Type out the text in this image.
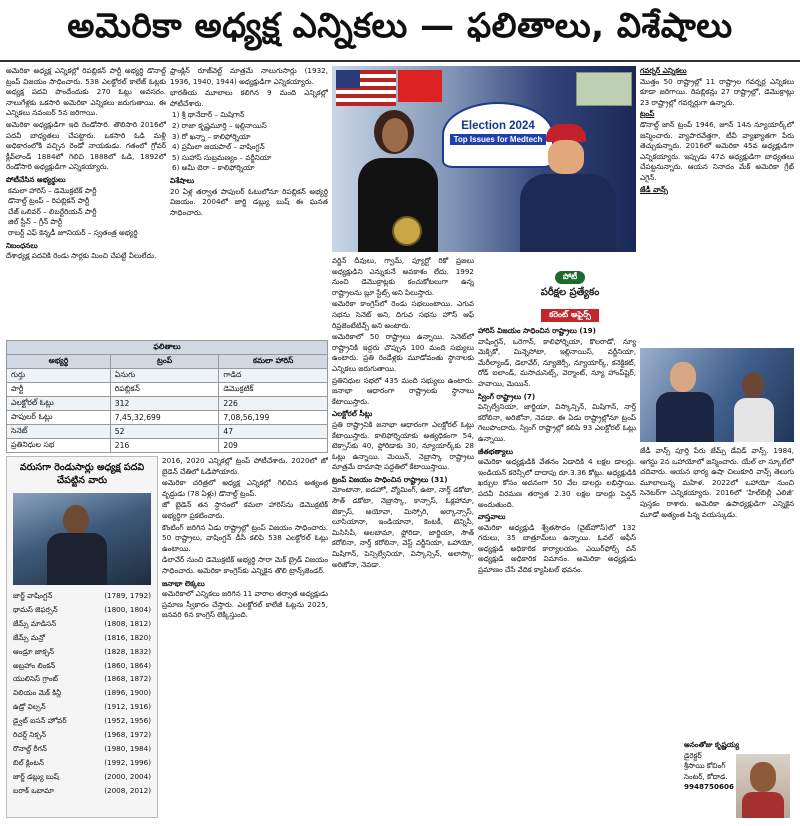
అమెరికా అధ్యక్ష ఎన్నికలు — ఫలితాలు, విశేషాలు
అమెరికా అధ్యక్ష ఎన్నికల్లో రిపబ్లికన్ పార్టీ అభ్యర్థి డొనాల్డ్ ట్రంప్ విజయం సాధించారు. 538 ఎలక్టోరల్ కాలేజ్ ఓట్లకు అధ్యక్ష పదవి పొందేందుకు 270 ఓట్లు అవసరం. నాలుగేళ్లకు ఒకసారి అమెరికా ఎన్నికలు జరుగుతాయి. ఈ ఎన్నికలు నవంబర్ 5న జరిగాయి.
అమెరికా అధ్యక్షుడిగా ఇది రెండోసారి. తొలిసారి 2016లో పదవీ బాధ్యతలు చేపట్టారు. ఒకసారి ఓడి మళ్లీ అధికారంలోకి వచ్చిన రెండో నాయకుడు. గతంలో గ్రోవర్ క్లీవ్‌లాండ్ 1884లో గెలిచి 1888లో ఓడి, 1892లో రెండోసారి అధ్యక్షుడిగా ఎన్నికయ్యారు.
పోటీచేసిన అభ్యర్థులు
కమలా హారిస్ – డెమొక్రటిక్ పార్టీ
డొనాల్డ్ ట్రంప్ – రిపబ్లికన్ పార్టీ
చేజ్ ఒలివర్ – లిబర్టేరియన్ పార్టీ
జిల్ స్టీన్ – గ్రీన్ పార్టీ
రాబర్ట్ ఎఫ్ కెన్నడీ జూనియర్ – స్వతంత్ర అభ్యర్థి
నిబంధనలు
దేశాధ్యక్ష పదవికి రెండు సార్లకు మించి చేపట్టే వీలులేదు.
ఫ్రాంక్లిన్ రూజ్‌వెల్ట్ మాత్రమే నాలుగుసార్లు (1932, 1936, 1940, 1944) అధ్యక్షుడిగా ఎన్నికయ్యారు.
భారతీయ మూలాలు కలిగిన 9 మంది ఎన్నికల్లో పోటీచేశారు.
1) శ్రీ థానేదార్ – మిషిగాన్
2) రాజా కృష్ణమూర్తి – ఇల్లినాయిస్
3) రో ఖన్నా – కాలిఫోర్నియా
4) ప్రమీలా జయపాల్ – వాషింగ్టన్
5) సుహాస్ సుబ్రమణ్యం – వర్జీనియా
6) అమీ బెరా – కాలిఫోర్నియా
విశేషాలు
20 ఏళ్ల తర్వాత పాపులర్ ఓటులోనూ రిపబ్లికన్ అభ్యర్థి విజయం. 2004లో జార్జి డబ్ల్యు బుష్ ఈ ఘనత సాధించారు.
ఫలితాలు		
అభ్యర్థి	ట్రంప్	కమలా హారిస్
గుర్తు	ఏనుగు	గాడిద
పార్టీ	రిపబ్లికన్	డెమొక్రటిక్
ఎలక్టోరల్ ఓట్లు	312	226
పాపులర్ ఓట్లు	7,45,32,699	7,08,56,199
సెనెట్	52	47
ప్రతినిధుల సభ	216	209
వరుసగా రెండుసార్లు అధ్యక్ష పదవి చేపట్టిన వారు
జార్జ్ వాషింగ్టన్	(1789, 1792)
థామస్ జెఫర్సన్	(1800, 1804)
జేమ్స్ మాడిసన్	(1808, 1812)
జేమ్స్ మన్రో	(1816, 1820)
ఆండ్రూ జాక్సన్	(1828, 1832)
అబ్రహాం లింకన్	(1860, 1864)
యులిసెస్ గ్రాంట్	(1868, 1872)
విలియం మెక్ కిన్లీ	(1896, 1900)
ఉడ్రో విల్సన్	(1912, 1916)
డ్వైట్ ఐసన్ హోవర్	(1952, 1956)
రిచర్డ్ నిక్సన్	(1968, 1972)
రొనాల్డ్ రీగన్	(1980, 1984)
బిల్ క్లింటన్	(1992, 1996)
జార్జ్ డబ్ల్యు బుష్	(2000, 2004)
బరాక్ ఒబామా	(2008, 2012)
2016, 2020 ఎన్నికల్లో ట్రంప్ పోటీచేశారు. 2020లో జో బైడెన్ చేతిలో ఓడిపోయారు.
అమెరికా చరిత్రలో అధ్యక్ష ఎన్నికల్లో గెలిచిన అత్యంత వృద్ధుడు (78 ఏళ్లు) డొనాల్డ్ ట్రంప్.
జో బైడెన్ తన స్థానంలో కమలా హారిస్‌ను డెమొక్రటిక్ అభ్యర్థిగా ప్రకటించారు.
కౌంటింగ్ జరిగిన ఏడు రాష్ట్రాల్లో ట్రంప్ విజయం సాధించారు. 50 రాష్ట్రాలు, వాషింగ్టన్ డీసీ కలిపి 538 ఎలక్టోరల్ ఓట్లు ఉంటాయి.
డిలావేర్ నుంచి డెమొక్రటిక్ అభ్యర్థి సారా మెక్ బ్రైడ్ విజయం సాధించారు. అమెరికా కాంగ్రెస్‌కు ఎన్నికైన తొలి ట్రాన్స్‌జెండర్.
జనాభా లెక్కలు
అమెరికాలో ఎన్నికలు జరిగిన 11 వారాల తర్వాత అధ్యక్షుడు ప్రమాణ స్వీకారం చేస్తారు. ఎలక్టోరల్ కాలేజీ ఓట్లను 2025, జనవరి 6న కాంగ్రెస్ లెక్కిస్తుంది.
Election 2024
Top Issues for Medtech
వర్జిన్ దీవులు, గ్వామ్, ప్యూర్టో రికో ప్రజలు అధ్యక్షుడిని ఎన్నుకునే అవకాశం లేదు. 1992 నుంచి డెమొక్రాట్లకు కంచుకోటలుగా ఉన్న రాష్ట్రాలను బ్లూ స్టేట్స్ అని పిలుస్తారు.
అమెరికా కాంగ్రెస్‌లో రెండు సభలుంటాయి. ఎగువ సభను సెనెట్ అని, దిగువ సభను హౌస్ ఆఫ్ రిప్రజెంటేటివ్స్ అని అంటారు.
అమెరికాలో 50 రాష్ట్రాలు ఉన్నాయి. సెనెట్‌లో రాష్ట్రానికి ఇద్దరు చొప్పున 100 మంది సభ్యులు ఉంటారు. ప్రతి రెండేళ్లకు మూడోవంతు స్థానాలకు ఎన్నికలు జరుగుతాయి.
ప్రతినిధుల సభలో 435 మంది సభ్యులు ఉంటారు. జనాభా ఆధారంగా రాష్ట్రాలకు స్థానాలు కేటాయిస్తారు.
ఎలక్టోరల్ సీట్లు
ప్రతి రాష్ట్రానికి జనాభా ఆధారంగా ఎలక్టోరల్ ఓట్లు కేటాయిస్తారు. కాలిఫోర్నియాకు అత్యధికంగా 54, టెక్సాస్‌కు 40, ఫ్లోరిడాకు 30, న్యూయార్క్‌కు 28 ఓట్లు ఉన్నాయి. మెయిన్, నెబ్రాస్కా రాష్ట్రాలు మాత్రమే దామాషా పద్ధతిలో కేటాయిస్తాయి.
ట్రంప్ విజయం సాధించిన రాష్ట్రాలు (31)
మోంటానా, ఐడహో, వ్యోమింగ్, ఉటా, నార్త్ డకోటా, సౌత్ డకోటా, నెబ్రాస్కా, కాన్సాస్, ఓక్లహామా, టెక్సాస్, అయోవా, మిస్సోరి, అర్కాన్సాస్, లూసియానా, ఇండియానా, కెంటకీ, టెన్నిసీ, మిసిసిపీ, అలబామా, ఫ్లోరిడా, జార్జియా, సౌత్ కరోలినా, నార్త్ కరోలినా, వెస్ట్ వర్జీనియా, ఒహాయో, మిషిగాన్, పెన్సిల్వేనియా, విస్కాన్సిన్, అలాస్కా, అరిజోనా, నెవడా.
పోటీ
పరీక్షల ప్రత్యేకం
కరెంట్ అఫైర్స్
హారిస్ విజయం సాధించిన రాష్ట్రాలు (19)
వాషింగ్టన్, ఒరెగాన్, కాలిఫోర్నియా, కొలరాడో, న్యూ మెక్సికో, మిన్నెసోటా, ఇల్లినాయిస్, వర్జీనియా, మేరీల్యాండ్, డెలావేర్, న్యూజెర్సీ, న్యూయార్క్, కనెక్టికట్, రోడ్ ఐలాండ్, మసాచుసెట్స్, వెర్మాంట్, న్యూ హాంప్‌షైర్, హవాయి, మెయిన్.
స్వింగ్ రాష్ట్రాలు (7)
పెన్సిల్వేనియా, జార్జియా, విస్కాన్సిన్, మిషిగాన్, నార్త్ కరోలినా, అరిజోనా, నెవడా. ఈ ఏడు రాష్ట్రాల్లోనూ ట్రంప్ గెలుపొందారు. స్వింగ్ రాష్ట్రాల్లో కలిపి 93 ఎలక్టోరల్ ఓట్లు ఉన్నాయి.
జీతభత్యాలు
అమెరికా అధ్యక్షుడికి వేతనం ఏడాదికి 4 లక్షల డాలర్లు. ఇండియన్ కరెన్సీలో దాదాపు రూ.3.36 కోట్లు. అధ్యక్షుడికి ఖర్చుల కోసం అదనంగా 50 వేల డాలర్లు లభిస్తాయి. పదవీ విరమణ తర్వాత 2.30 లక్షల డాలర్లు పెన్షన్ అందుతుంది.
వాస్తవాలు
అమెరికా అధ్యక్షుడి శ్వేతసౌధం (వైట్‌హౌస్)లో 132 గదులు, 35 బాత్రూమ్‌లు ఉన్నాయి. ఓవల్ ఆఫీస్ అధ్యక్షుడి అధికారిక కార్యాలయం. ఎయిర్‌ఫోర్స్ వన్ అధ్యక్షుడి అధికారిక విమానం. అమెరికా అధ్యక్షుడు ప్రమాణం చేసే వేదిక క్యాపిటల్ భవనం.
గవర్నర్ ఎన్నికలు
మొత్తం 50 రాష్ట్రాల్లో 11 రాష్ట్రాల గవర్నర్ల ఎన్నికలు కూడా జరిగాయి. రిపబ్లికన్లు 27 రాష్ట్రాల్లో, డెమొక్రాట్లు 23 రాష్ట్రాల్లో గవర్నర్లుగా ఉన్నారు.
ట్రంప్
డొనాల్డ్ జాన్ ట్రంప్ 1946, జూన్ 14న న్యూయార్క్‌లో జన్మించారు. వ్యాపారవేత్తగా, టీవీ వ్యాఖ్యాతగా పేరు తెచ్చుకున్నారు. 2016లో అమెరికా 45వ అధ్యక్షుడిగా ఎన్నికయ్యారు. ఇప్పుడు 47వ అధ్యక్షుడిగా బాధ్యతలు చేపట్టనున్నారు. ఆయన నినాదం మేక్ అమెరికా గ్రేట్ ఎగైన్.
జేడీ వాన్స్
జేడీ వాన్స్ పూర్తి పేరు జేమ్స్ డేవిడ్ వాన్స్. 1984, ఆగస్టు 2న ఒహాయోలో జన్మించారు. యేల్ లా స్కూల్‌లో చదివారు. ఆయన భార్య ఉషా చిలుకూరి వాన్స్ తెలుగు మూలాలున్న మహిళ. 2022లో ఒహాయో నుంచి సెనెటర్‌గా ఎన్నికయ్యారు. 2016లో ‘హిల్‌బిల్లీ ఎలిజీ’ పుస్తకం రాశారు. అమెరికా ఉపాధ్యక్షుడిగా ఎన్నికైన మూడో అత్యంత పిన్న వయస్కుడు.
అనంతోజు కృష్ణయ్య
డైరెక్టర్
శ్రీసాయి కోచింగ్ సెంటర్, కోదాడ.
9948750606
